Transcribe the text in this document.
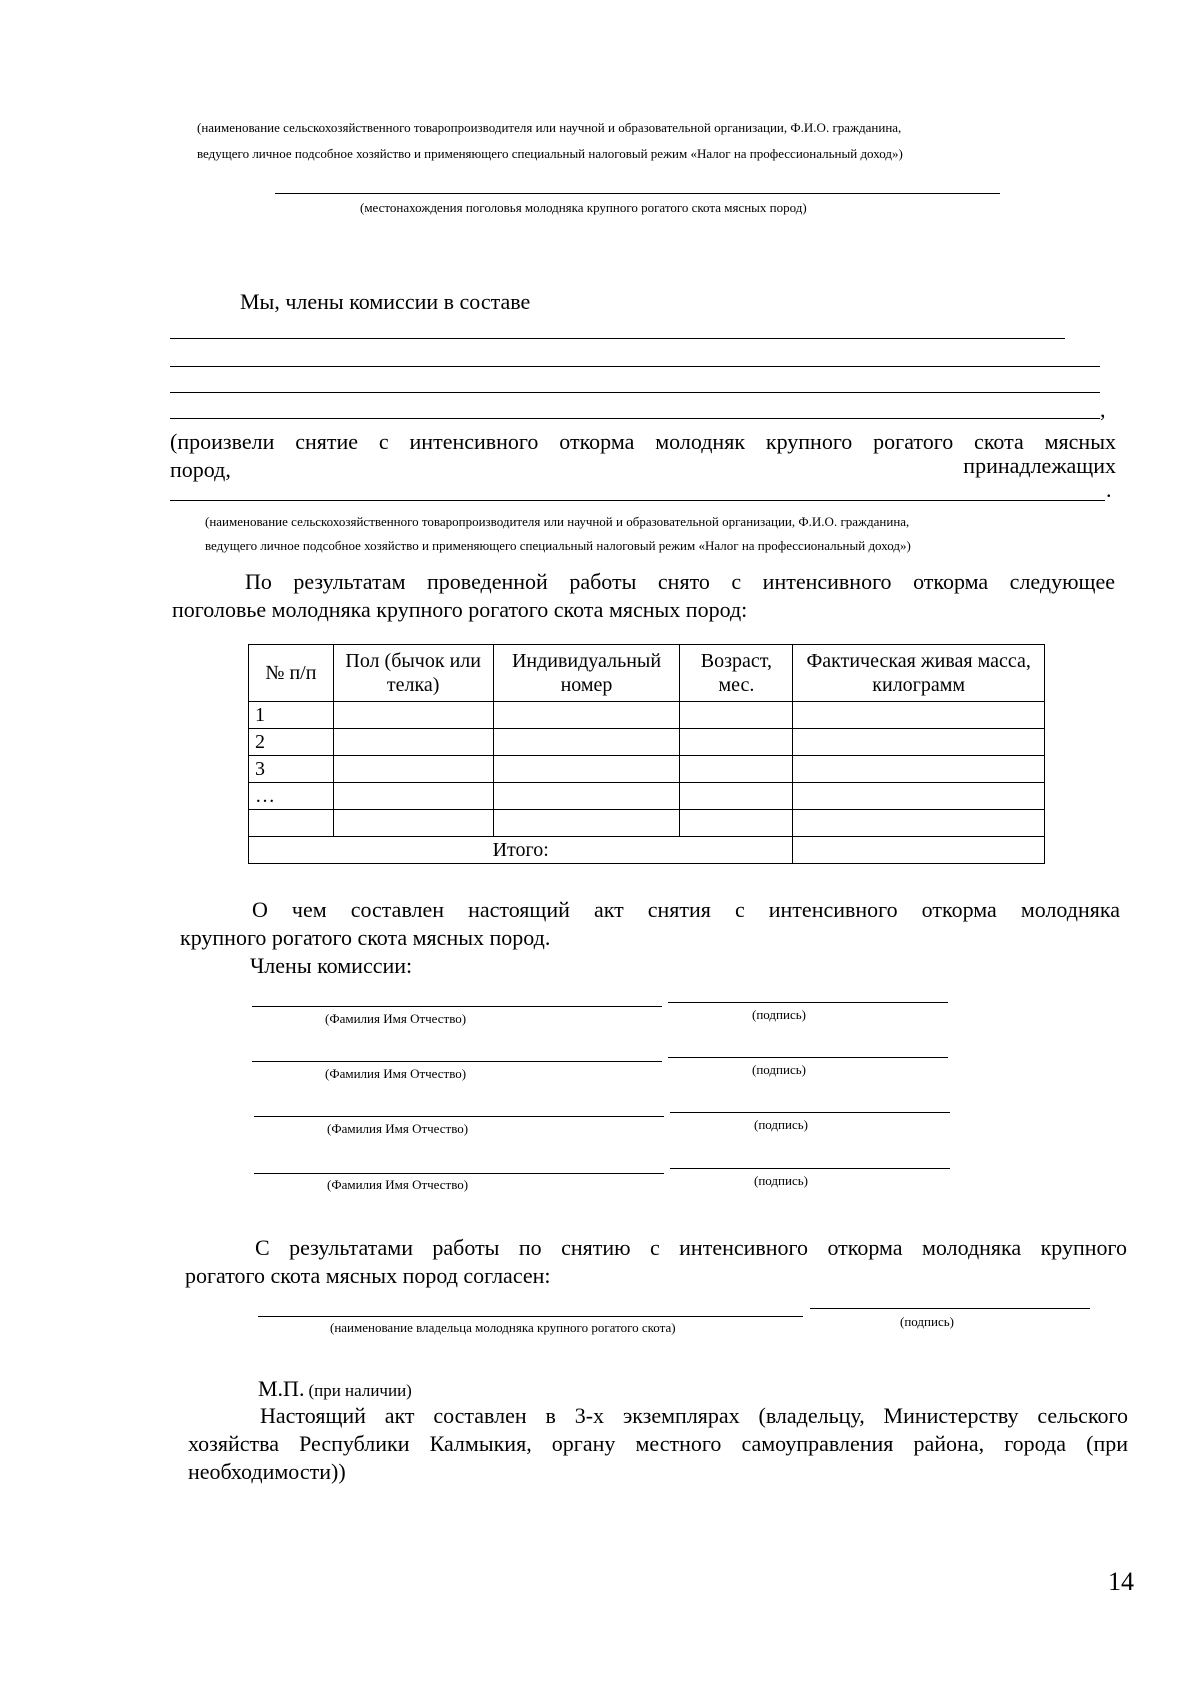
(наименование сельскохозяйственного товаропроизводителя или научной и образовательной организации, Ф.И.О. гражданина,
ведущего личное подсобное хозяйство и применяющего специальный налоговый режим «Налог на профессиональный доход»)
(местонахождения поголовья молодняка крупного рогатого скота мясных пород)
Мы, члены комиссии в составе
,
(произвели снятие с интенсивного откорма молодняк крупного рогатого скота мясных
пород,	принадлежащих
.
(наименование сельскохозяйственного товаропроизводителя или научной и образовательной организации, Ф.И.О. гражданина,
ведущего личное подсобное хозяйство и применяющего специальный налоговый режим «Налог на профессиональный доход»)
По результатам проведенной работы снято с интенсивного откорма следующее
поголовье молодняка крупного рогатого скота мясных пород:
№ п/п	Пол (бычок или телка)	Индивидуальный номер	Возраст, мес.	Фактическая живая масса, килограмм
1				
2				
3				
…				

Итого:				
О чем составлен настоящий акт снятия с интенсивного откорма молодняка
крупного рогатого скота мясных пород.
Члены комиссии:
(Фамилия Имя Отчество)	(подпись)
(Фамилия Имя Отчество)	(подпись)
(Фамилия Имя Отчество)	(подпись)
(Фамилия Имя Отчество)	(подпись)
С результатами работы по снятию с интенсивного откорма молодняка крупного
рогатого скота мясных пород согласен:
(наименование владельца молодняка крупного рогатого скота)	(подпись)
М.П. (при наличии)
Настоящий акт составлен в 3-х экземплярах (владельцу, Министерству сельского
хозяйства Республики Калмыкия, органу местного самоуправления района, города (при
необходимости))
14
